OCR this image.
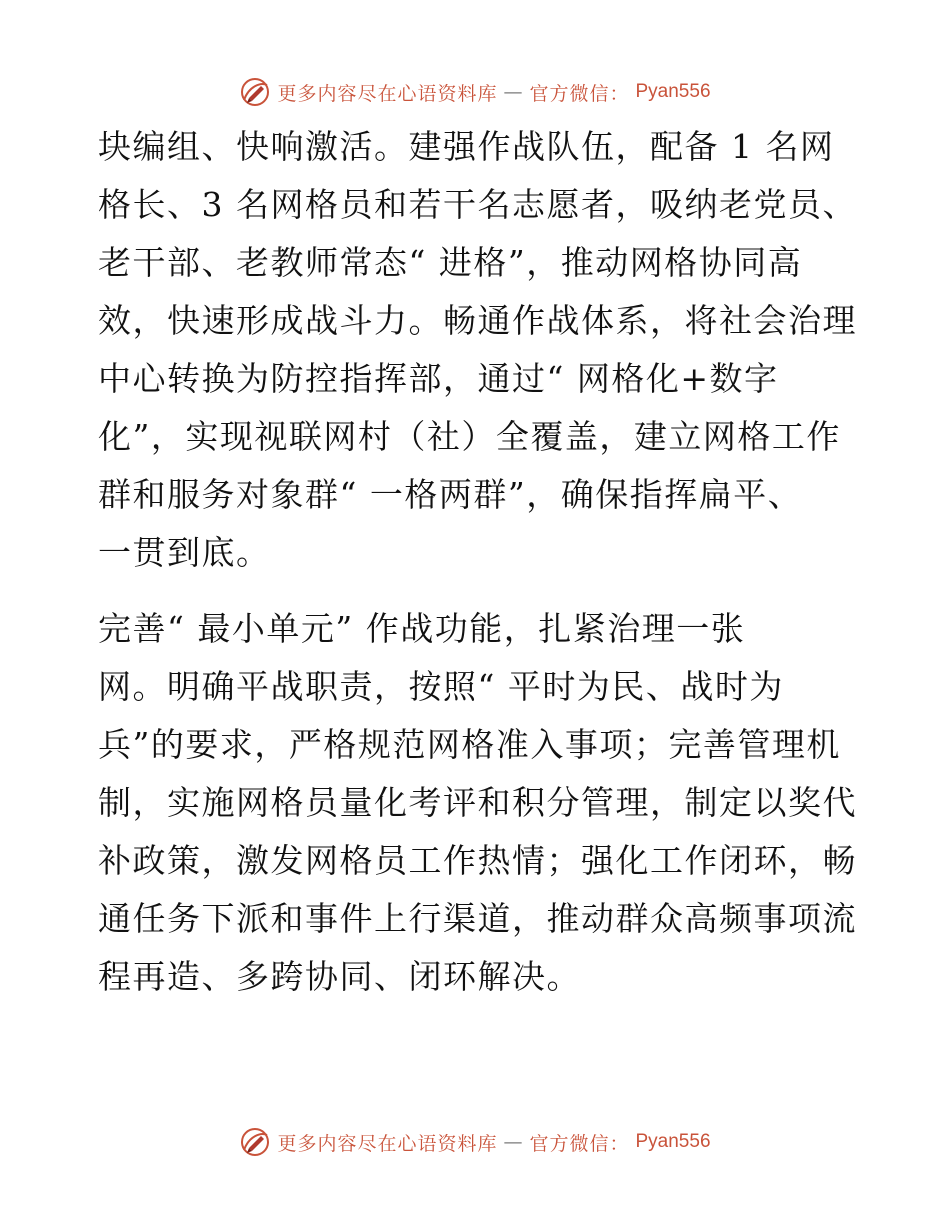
更多内容尽在心语资料库 — 官方微信： Pyan556
块编组、快响激活。建强作战队伍，配备 1 名网
格长、3 名网格员和若干名志愿者，吸纳老党员、
老干部、老教师常态“ 进格”，推动网格协同高
效，快速形成战斗力。畅通作战体系，将社会治理
中心转换为防控指挥部，通过“ 网格化+数字
化”，实现视联网村（社）全覆盖，建立网格工作
群和服务对象群“ 一格两群”，确保指挥扁平、
一贯到底。
完善“ 最小单元” 作战功能，扎紧治理一张
网。明确平战职责，按照“ 平时为民、战时为
兵”的要求，严格规范网格准入事项；完善管理机
制，实施网格员量化考评和积分管理，制定以奖代
补政策，激发网格员工作热情；强化工作闭环，畅
通任务下派和事件上行渠道，推动群众高频事项流
程再造、多跨协同、闭环解决。
更多内容尽在心语资料库 — 官方微信： Pyan556
